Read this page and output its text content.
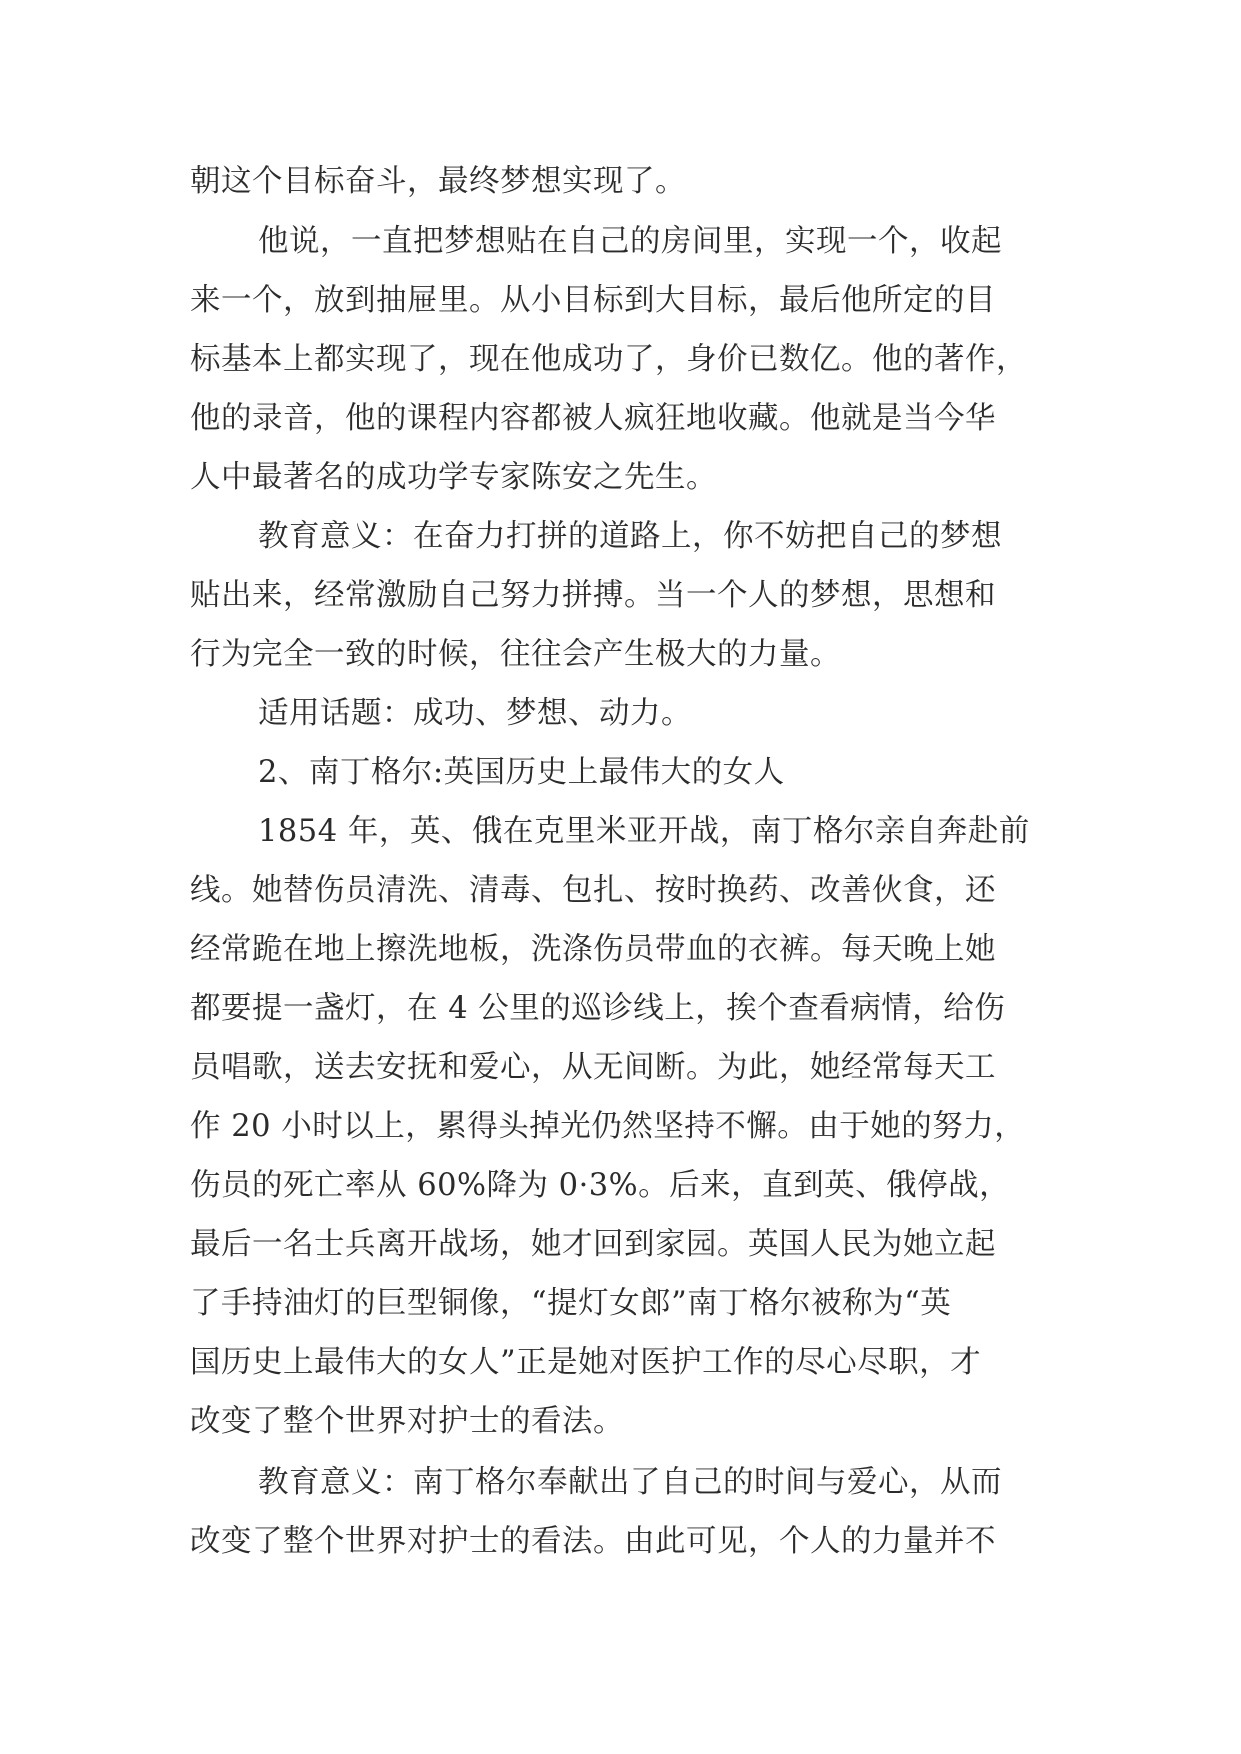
朝这个目标奋斗，最终梦想实现了。
他说，一直把梦想贴在自己的房间里，实现一个，收起
来一个，放到抽屉里。从小目标到大目标，最后他所定的目
标基本上都实现了，现在他成功了，身价已数亿。他的著作，
他的录音，他的课程内容都被人疯狂地收藏。他就是当今华
人中最著名的成功学专家陈安之先生。
教育意义：在奋力打拼的道路上，你不妨把自己的梦想
贴出来，经常激励自己努力拼搏。当一个人的梦想，思想和
行为完全一致的时候，往往会产生极大的力量。
适用话题：成功、梦想、动力。
2、南丁格尔:英国历史上最伟大的女人
1854 年，英、俄在克里米亚开战，南丁格尔亲自奔赴前
线。她替伤员清洗、清毒、包扎、按时换药、改善伙食，还
经常跪在地上擦洗地板，洗涤伤员带血的衣裤。每天晚上她
都要提一盏灯，在 4 公里的巡诊线上，挨个查看病情，给伤
员唱歌，送去安抚和爱心，从无间断。为此，她经常每天工
作 20 小时以上，累得头掉光仍然坚持不懈。由于她的努力，
伤员的死亡率从 60%降为 0·3%。后来，直到英、俄停战，
最后一名士兵离开战场，她才回到家园。英国人民为她立起
了手持油灯的巨型铜像，“提灯女郎”南丁格尔被称为“英
国历史上最伟大的女人”正是她对医护工作的尽心尽职，才
改变了整个世界对护士的看法。
教育意义：南丁格尔奉献出了自己的时间与爱心，从而
改变了整个世界对护士的看法。由此可见，个人的力量并不
